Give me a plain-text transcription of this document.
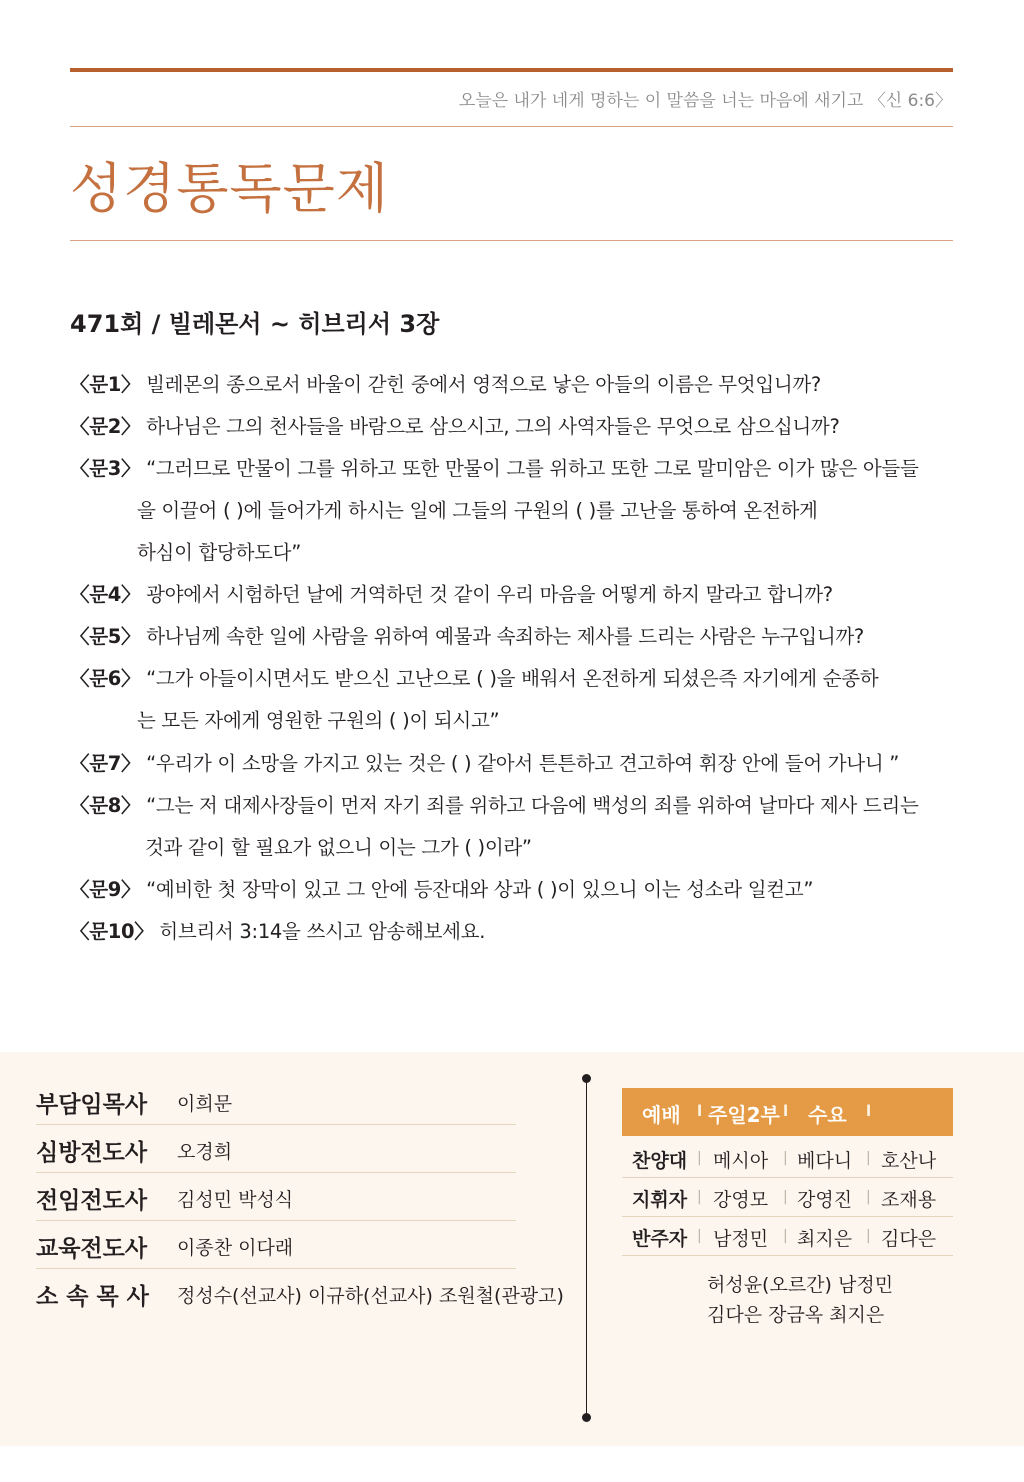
오늘은 내가 네게 명하는 이 말씀을 너는 마음에 새기고 〈신 6:6〉
성경통독문제
471회 / 빌레몬서 ~ 히브리서 3장
〈문1〉 빌레몬의 종으로서 바울이 갇힌 중에서 영적으로 낳은 아들의 이름은 무엇입니까?
〈문2〉 하나님은 그의 천사들을 바람으로 삼으시고, 그의 사역자들은 무엇으로 삼으십니까?
〈문3〉 “그러므로 만물이 그를 위하고 또한 만물이 그를 위하고 또한 그로 말미암은 이가 많은 아들들
을 이끌어 ( )에 들어가게 하시는 일에 그들의 구원의 ( )를 고난을 통하여 온전하게
하심이 합당하도다”
〈문4〉 광야에서 시험하던 날에 거역하던 것 같이 우리 마음을 어떻게 하지 말라고 합니까?
〈문5〉 하나님께 속한 일에 사람을 위하여 예물과 속죄하는 제사를 드리는 사람은 누구입니까?
〈문6〉 “그가 아들이시면서도 받으신 고난으로 ( )을 배워서 온전하게 되셨은즉 자기에게 순종하
는 모든 자에게 영원한 구원의 ( )이 되시고”
〈문7〉 “우리가 이 소망을 가지고 있는 것은 ( ) 같아서 튼튼하고 견고하여 휘장 안에 들어 가나니 ”
〈문8〉 “그는 저 대제사장들이 먼저 자기 죄를 위하고 다음에 백성의 죄를 위하여 날마다 제사 드리는
것과 같이 할 필요가 없으니 이는 그가 ( )이라”
〈문9〉 “예비한 첫 장막이 있고 그 안에 등잔대와 상과 ( )이 있으니 이는 성소라 일컫고”
〈문10〉 히브리서 3:14을 쓰시고 암송해보세요.
부담임목사 이희문
심방전도사 오경희
전임전도사 김성민 박성식
교육전도사 이종찬 이다래
소 속 목 사 정성수(선교사) 이규하(선교사) 조원철(관광고)
예배 l 주일2부 l 수요 l
찬양대 | 메시아 | 베다니 | 호산나
지휘자 | 강영모 | 강영진 | 조재용
반주자 | 남정민 | 최지은 | 김다은
허성윤(오르간) 남정민
김다은 장금옥 최지은
